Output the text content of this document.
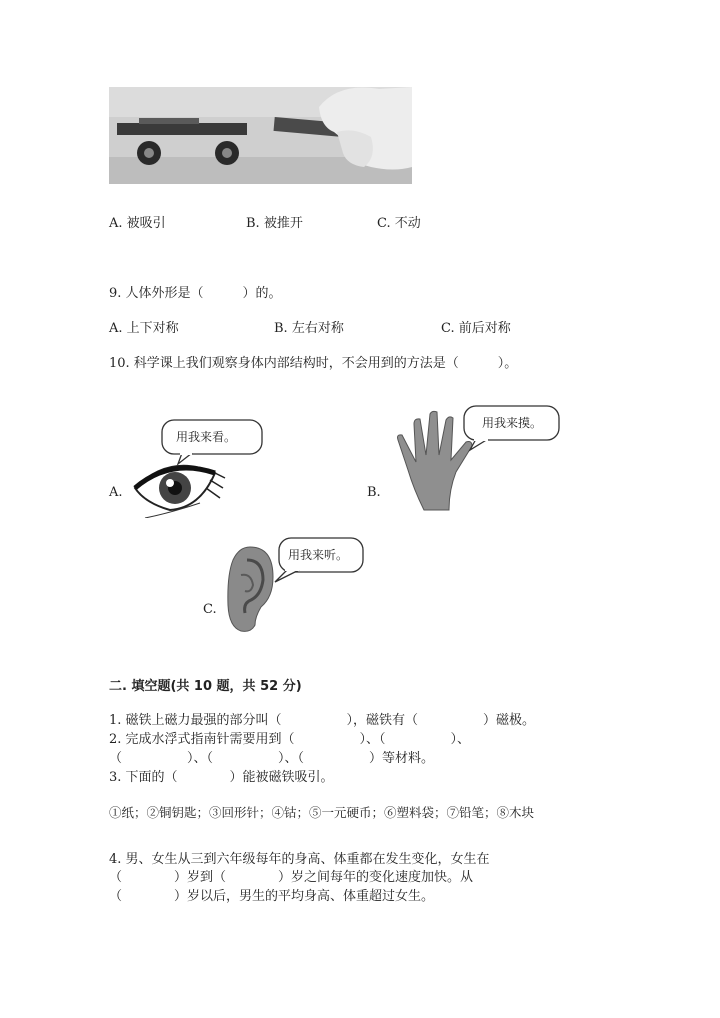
A. 被吸引	B. 被推开	C. 不动
9. 人体外形是（　　　）的。
A. 上下对称	B. 左右对称	C. 前后对称
10. 科学课上我们观察身体内部结构时，不会用到的方法是（　　　）。
A.
用我来看。
B.
用我来摸。
C.
用我来听。
二. 填空题(共 10 题，共 52 分)
1. 磁铁上磁力最强的部分叫（　　　　　），磁铁有（　　　　　）磁极。
2. 完成水浮式指南针需要用到（　　　　　）、（　　　　　）、
（　　　　　）、（　　　　　）、（　　　　　）等材料。
3. 下面的（　　　　）能被磁铁吸引。
①纸；②铜钥匙；③回形针；④钴；⑤一元硬币；⑥塑料袋；⑦铅笔；⑧木块
4. 男、女生从三到六年级每年的身高、体重都在发生变化，女生在
（　　　　）岁到（　　　　）岁之间每年的变化速度加快。从
（　　　　）岁以后，男生的平均身高、体重超过女生。
